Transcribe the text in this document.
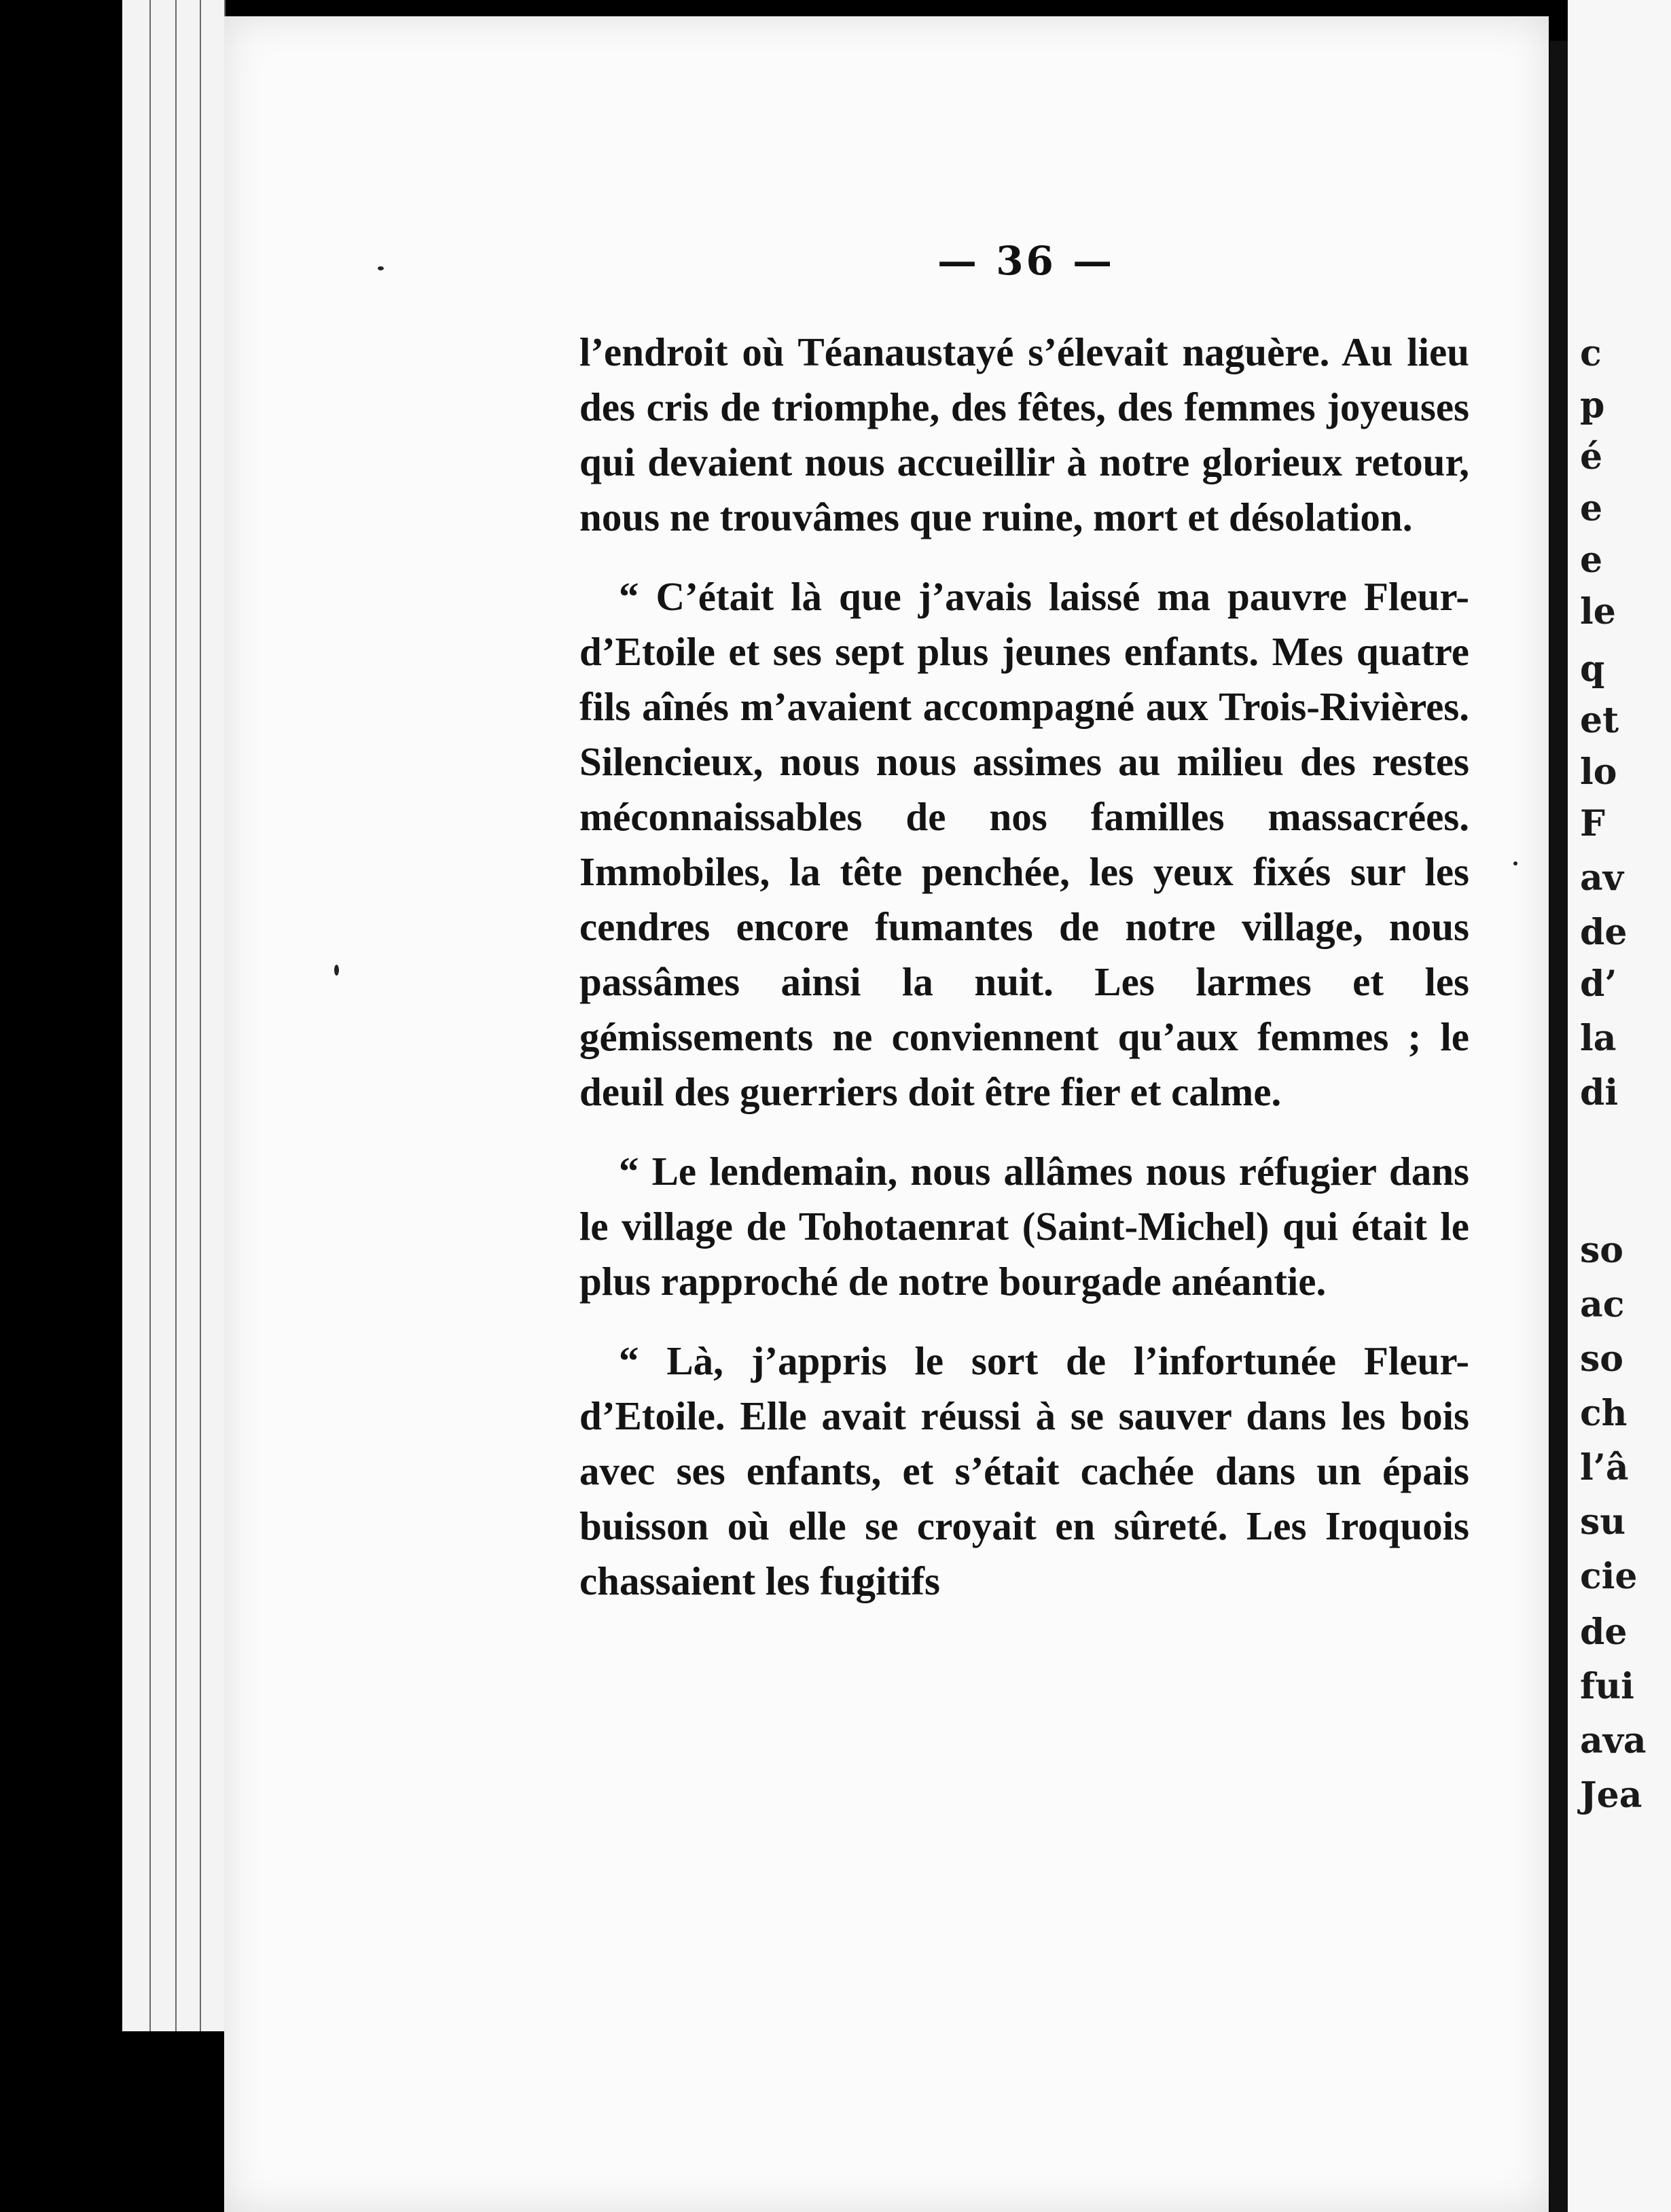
— 36 —

l’endroit où Téanaustayé s’élevait naguère. Au lieu des cris de triomphe, des fêtes, des femmes joyeuses qui devaient nous accueillir à notre glorieux retour, nous ne trouvâmes que ruine, mort et désolation.

“ C’était là que j’avais laissé ma pauvre Fleur-d’Etoile et ses sept plus jeunes enfants. Mes quatre fils aînés m’avaient accompagné aux Trois-Rivières. Silencieux, nous nous assimes au milieu des restes méconnaissables de nos familles massacrées. Immobiles, la tête penchée, les yeux fixés sur les cendres encore fumantes de notre village, nous passâmes ainsi la nuit. Les larmes et les gémissements ne conviennent qu’aux femmes ; le deuil des guerriers doit être fier et calme.

“ Le lendemain, nous allâmes nous réfugier dans le village de Tohotaenrat (Saint-Michel) qui était le plus rapproché de notre bourgade anéantie.

“ Là, j’appris le sort de l’infortunée Fleur-d’Etoile. Elle avait réussi à se sauver dans les bois avec ses enfants, et s’était cachée dans un épais buisson où elle se croyait en sûreté. Les Iroquois chassaient les fugitifs

c
p
é
e
e
le
q
et
lo
F
av
de
d’
la
di
so
ac
so
ch
l’â
su
cie
de
fui
ava
Jea
